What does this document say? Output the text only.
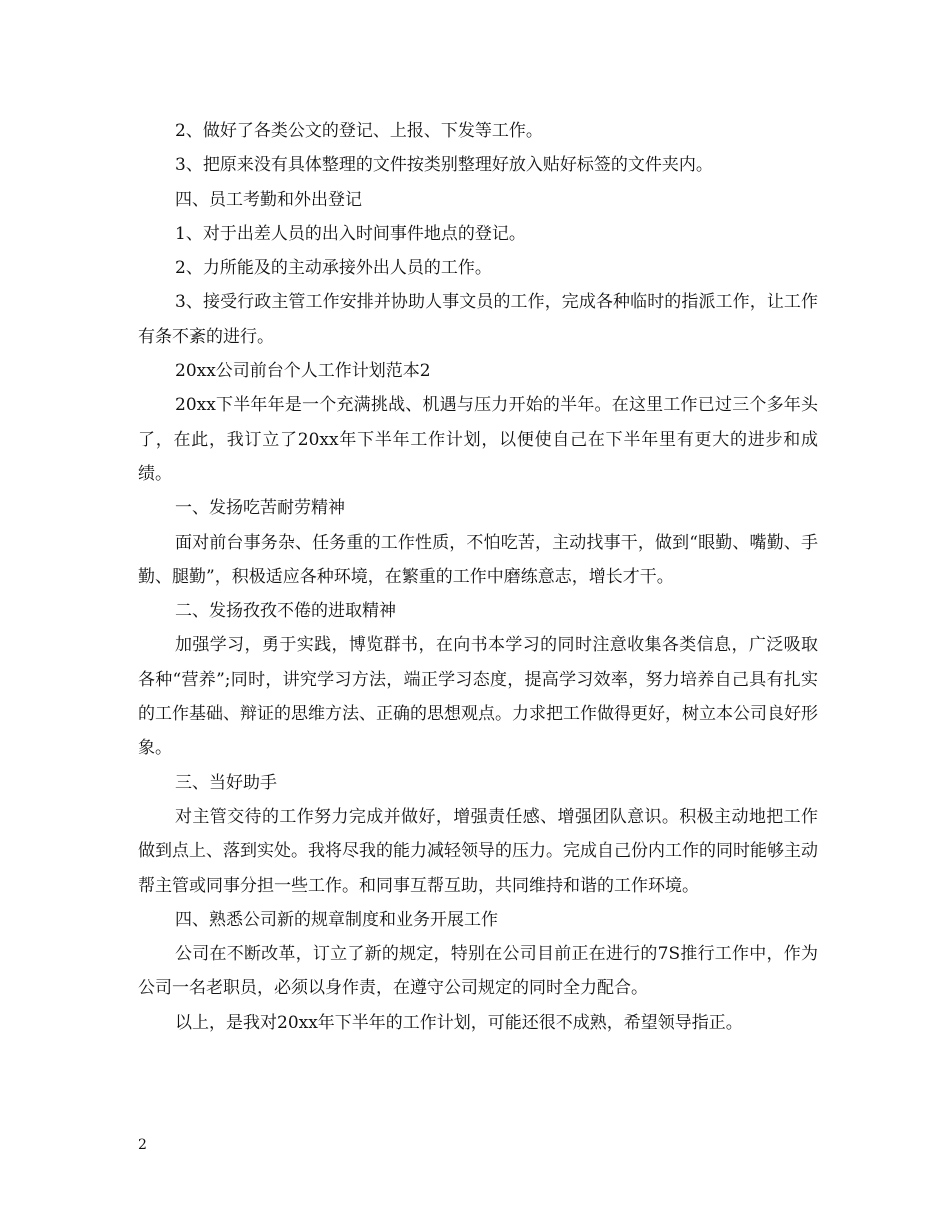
2、做好了各类公文的登记、上报、下发等工作。

3、把原来没有具体整理的文件按类别整理好放入贴好标签的文件夹内。

四、员工考勤和外出登记

1、对于出差人员的出入时间事件地点的登记。

2、力所能及的主动承接外出人员的工作。

3、接受行政主管工作安排并协助人事文员的工作，完成各种临时的指派工作，让工作有条不紊的进行。

20xx公司前台个人工作计划范本2

20xx下半年年是一个充满挑战、机遇与压力开始的半年。在这里工作已过三个多年头了，在此，我订立了20xx年下半年工作计划，以便使自己在下半年里有更大的进步和成绩。

一、发扬吃苦耐劳精神

面对前台事务杂、任务重的工作性质，不怕吃苦，主动找事干，做到“眼勤、嘴勤、手勤、腿勤”，积极适应各种环境，在繁重的工作中磨练意志，增长才干。

二、发扬孜孜不倦的进取精神

加强学习，勇于实践，博览群书，在向书本学习的同时注意收集各类信息，广泛吸取各种“营养”;同时，讲究学习方法，端正学习态度，提高学习效率，努力培养自己具有扎实的工作基础、辩证的思维方法、正确的思想观点。力求把工作做得更好，树立本公司良好形象。

三、当好助手

对主管交待的工作努力完成并做好，增强责任感、增强团队意识。积极主动地把工作做到点上、落到实处。我将尽我的能力减轻领导的压力。完成自己份内工作的同时能够主动帮主管或同事分担一些工作。和同事互帮互助，共同维持和谐的工作环境。

四、熟悉公司新的规章制度和业务开展工作

公司在不断改革，订立了新的规定，特别在公司目前正在进行的7S推行工作中，作为公司一名老职员，必须以身作责，在遵守公司规定的同时全力配合。

以上，是我对20xx年下半年的工作计划，可能还很不成熟，希望领导指正。

2
